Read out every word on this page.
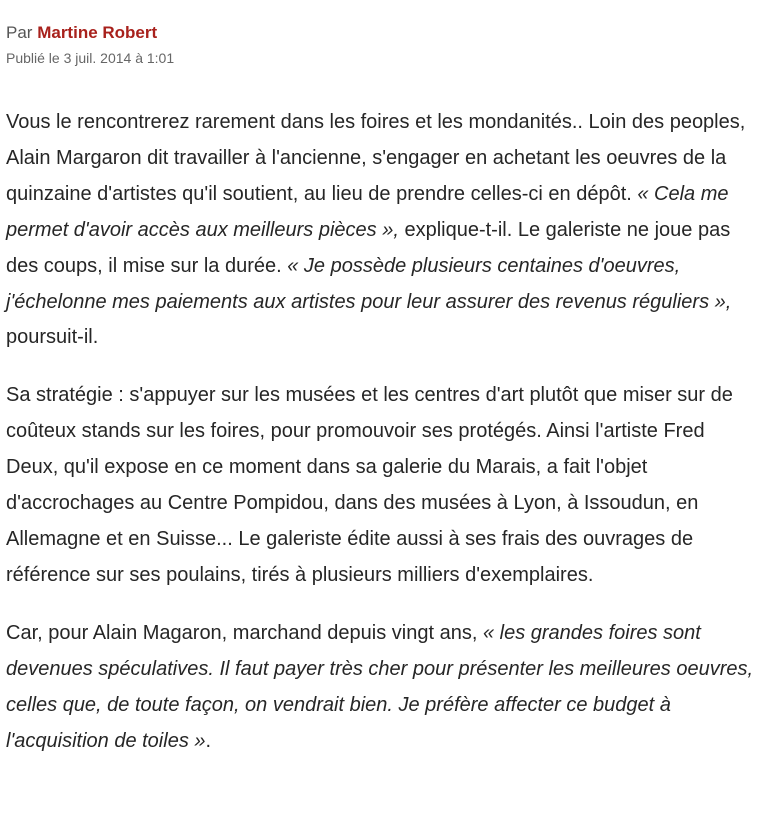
Par Martine Robert
Publié le 3 juil. 2014 à 1:01

Vous le rencontrerez rarement dans les foires et les mondanités.. Loin des peoples, Alain Margaron dit travailler à l'ancienne, s'engager en achetant les oeuvres de la quinzaine d'artistes qu'il soutient, au lieu de prendre celles-ci en dépôt. « Cela me permet d'avoir accès aux meilleurs pièces », explique-t-il. Le galeriste ne joue pas des coups, il mise sur la durée. « Je possède plusieurs centaines d'oeuvres, j'échelonne mes paiements aux artistes pour leur assurer des revenus réguliers », poursuit-il.

Sa stratégie : s'appuyer sur les musées et les centres d'art plutôt que miser sur de coûteux stands sur les foires, pour promouvoir ses protégés. Ainsi l'artiste Fred Deux, qu'il expose en ce moment dans sa galerie du Marais, a fait l'objet d'accrochages au Centre Pompidou, dans des musées à Lyon, à Issoudun, en Allemagne et en Suisse... Le galeriste édite aussi à ses frais des ouvrages de référence sur ses poulains, tirés à plusieurs milliers d'exemplaires.

Car, pour Alain Magaron, marchand depuis vingt ans, « les grandes foires sont devenues spéculatives. Il faut payer très cher pour présenter les meilleures oeuvres, celles que, de toute façon, on vendrait bien. Je préfère affecter ce budget à l'acquisition de toiles ».
